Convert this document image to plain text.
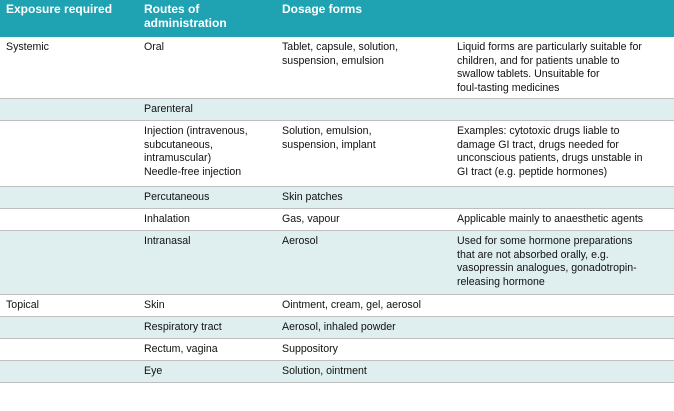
Exposure required	Routes of
administration	Dosage forms	

Systemic	Oral	Tablet, capsule, solution,
suspension, emulsion	Liquid forms are particularly suitable for
children, and for patients unable to
swallow tablets. Unsuitable for
foul-tasting medicines

	Parenteral		

	Injection (intravenous,
subcutaneous,
intramuscular)
Needle-free injection	Solution, emulsion,
suspension, implant	Examples: cytotoxic drugs liable to
damage GI tract, drugs needed for
unconscious patients, drugs unstable in
GI tract (e.g. peptide hormones)

	Percutaneous	Skin patches	

	Inhalation	Gas, vapour	Applicable mainly to anaesthetic agents

	Intranasal	Aerosol	Used for some hormone preparations
that are not absorbed orally, e.g.
vasopressin analogues, gonadotropin-
releasing hormone

Topical	Skin	Ointment, cream, gel, aerosol	

	Respiratory tract	Aerosol, inhaled powder	

	Rectum, vagina	Suppository	

	Eye	Solution, ointment	
